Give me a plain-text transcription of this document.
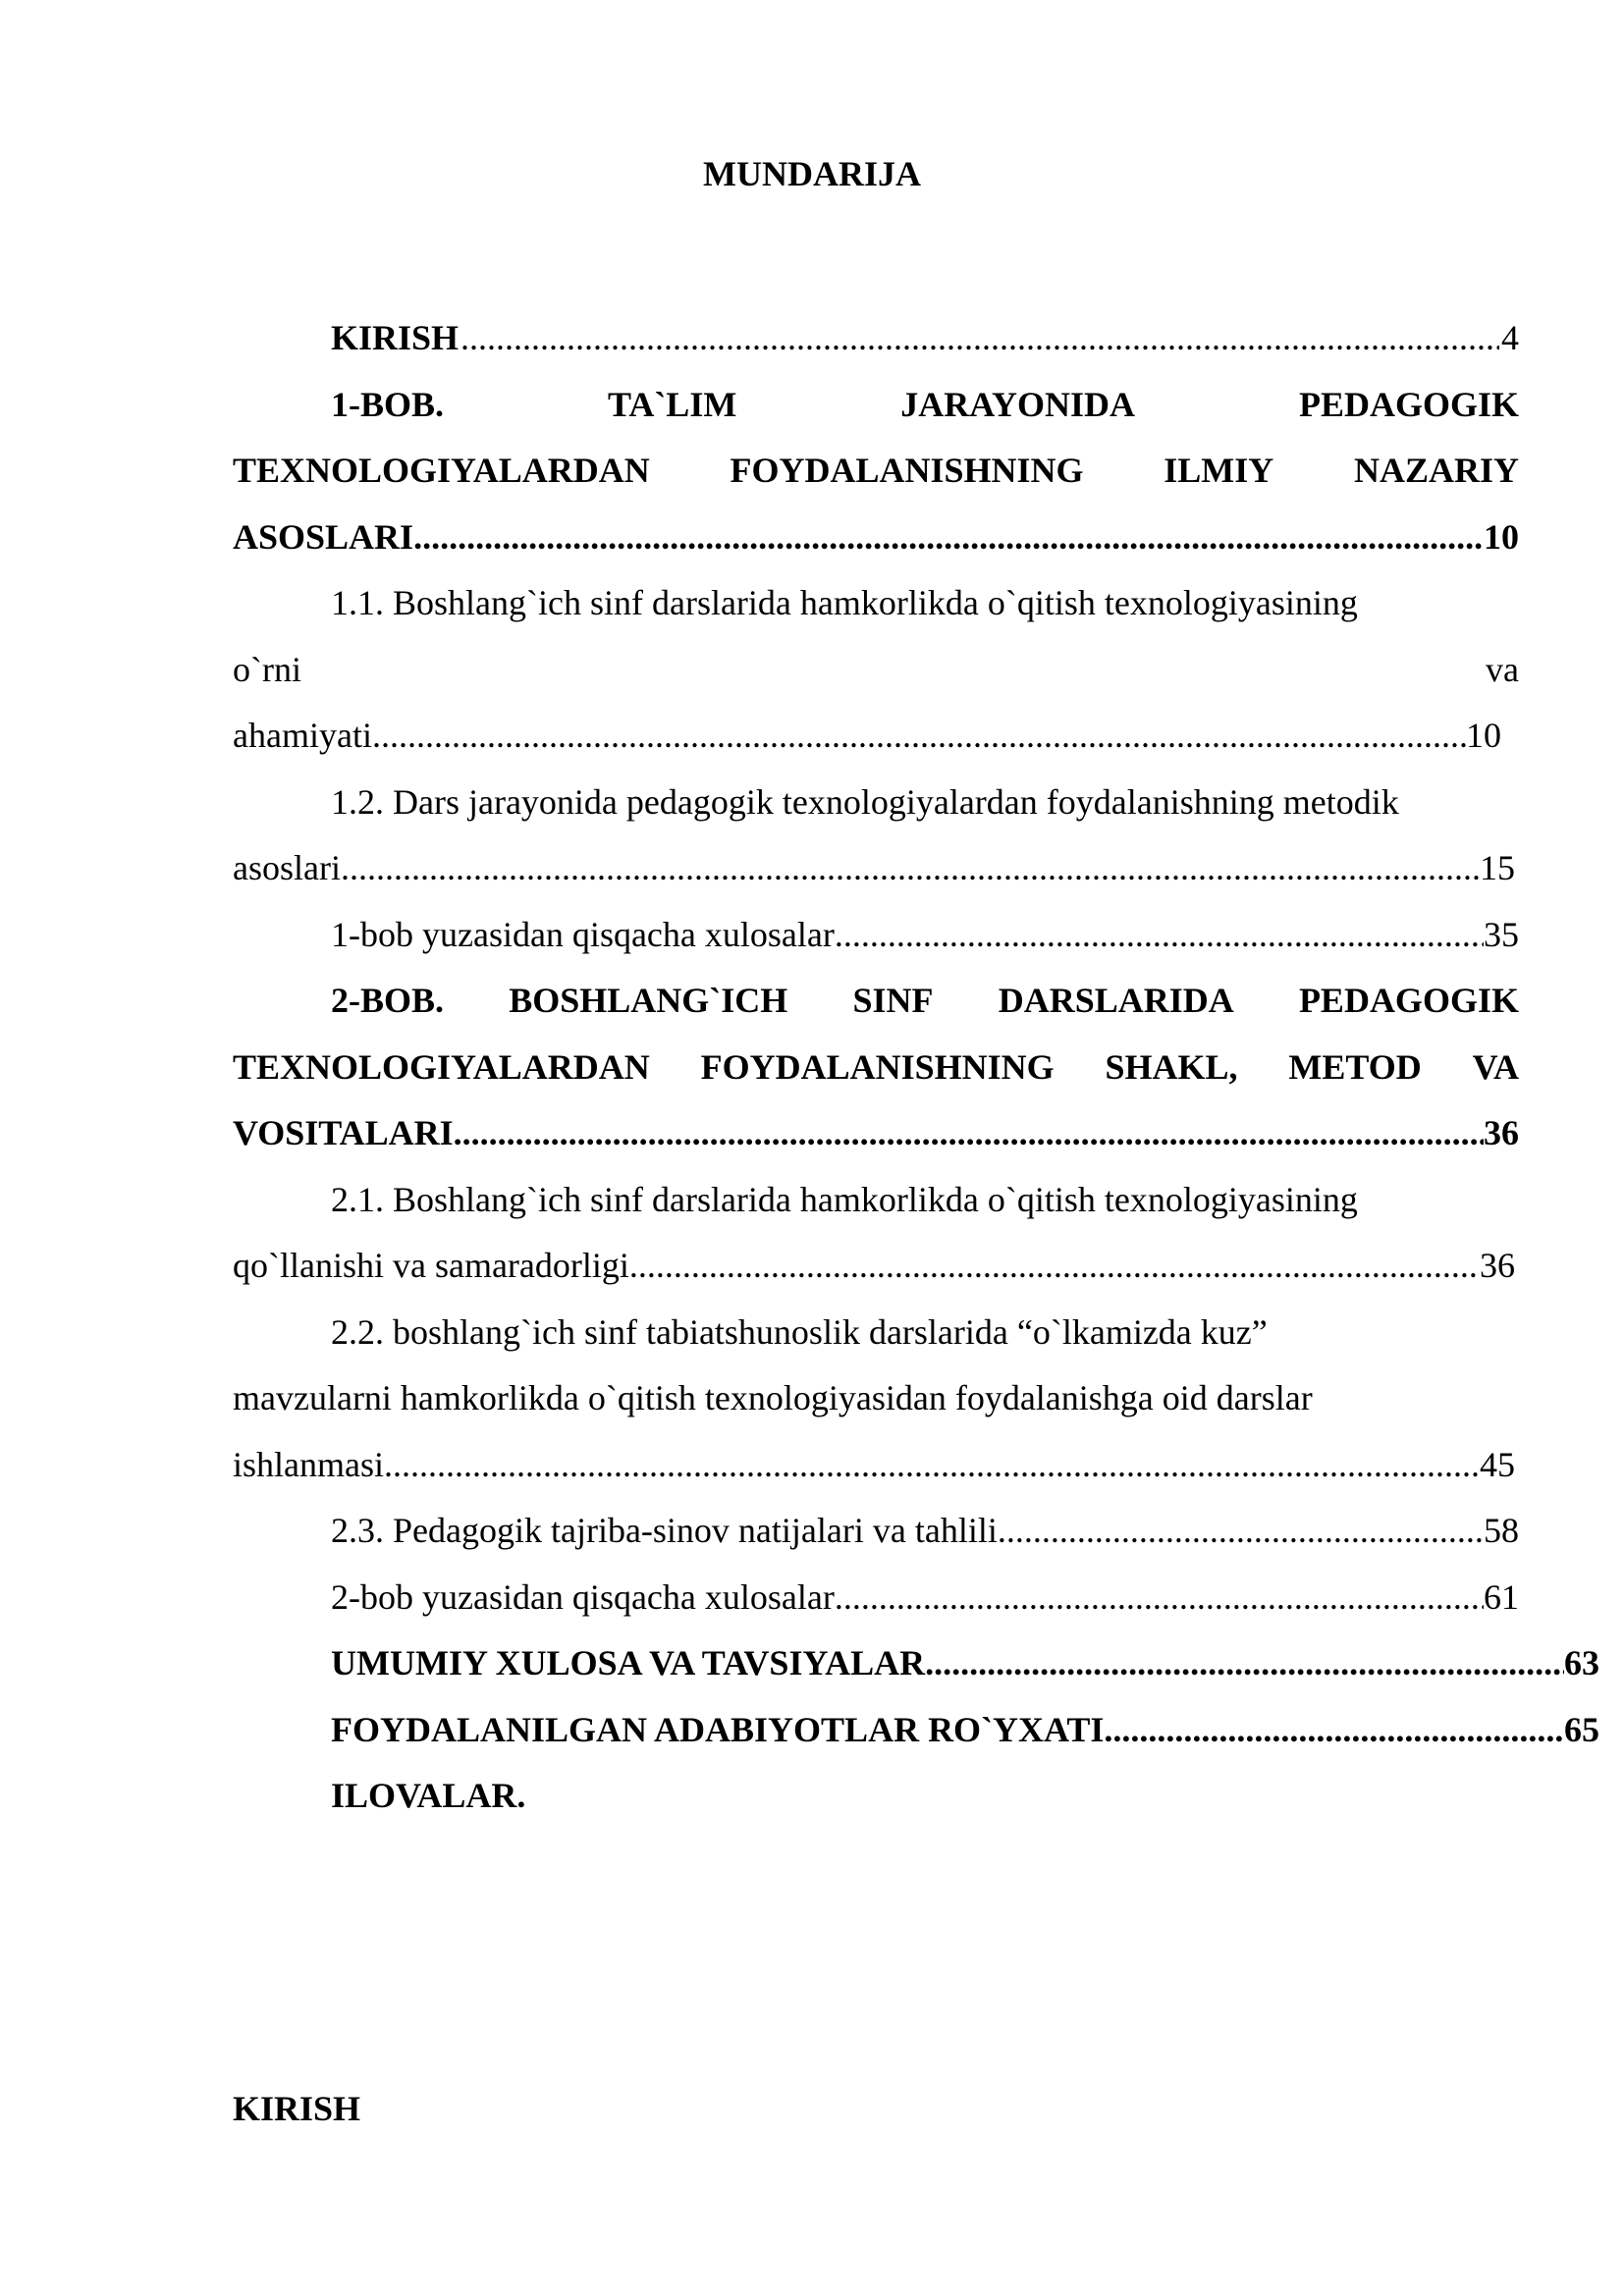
MUNDARIJA
KIRISH .....	4
1-BOB.	TA`LIM	JARAYONIDA	PEDAGOGIK
TEXNOLOGIYALARDAN FOYDALANISHNING ILMIY NAZARIY
ASOSLARI .....	10
1.1. Boshlang`ich sinf darslarida hamkorlikda o`qitish texnologiyasining
o`rni	va
ahamiyati .....	10
1.2. Dars jarayonida pedagogik texnologiyalardan foydalanishning metodik
asoslari .....	15
1-bob yuzasidan qisqacha xulosalar .....	35
2-BOB. BOSHLANG`ICH SINF DARSLARIDA PEDAGOGIK
TEXNOLOGIYALARDAN FOYDALANISHNING SHAKL, METOD VA
VOSITALARI .....	36
2.1. Boshlang`ich sinf darslarida hamkorlikda o`qitish texnologiyasining
qo`llanishi va samaradorligi .....	36
2.2. boshlang`ich sinf tabiatshunoslik darslarida “o`lkamizda kuz”
mavzularni hamkorlikda o`qitish texnologiyasidan foydalanishga oid darslar
ishlanmasi .....	45
2.3. Pedagogik tajriba-sinov natijalari va tahlili .....	58
2-bob yuzasidan qisqacha xulosalar .....	61
UMUMIY XULOSA VA TAVSIYALAR .....	63
FOYDALANILGAN ADABIYOTLAR RO`YXATI .....	65
ILOVALAR.
KIRISH
